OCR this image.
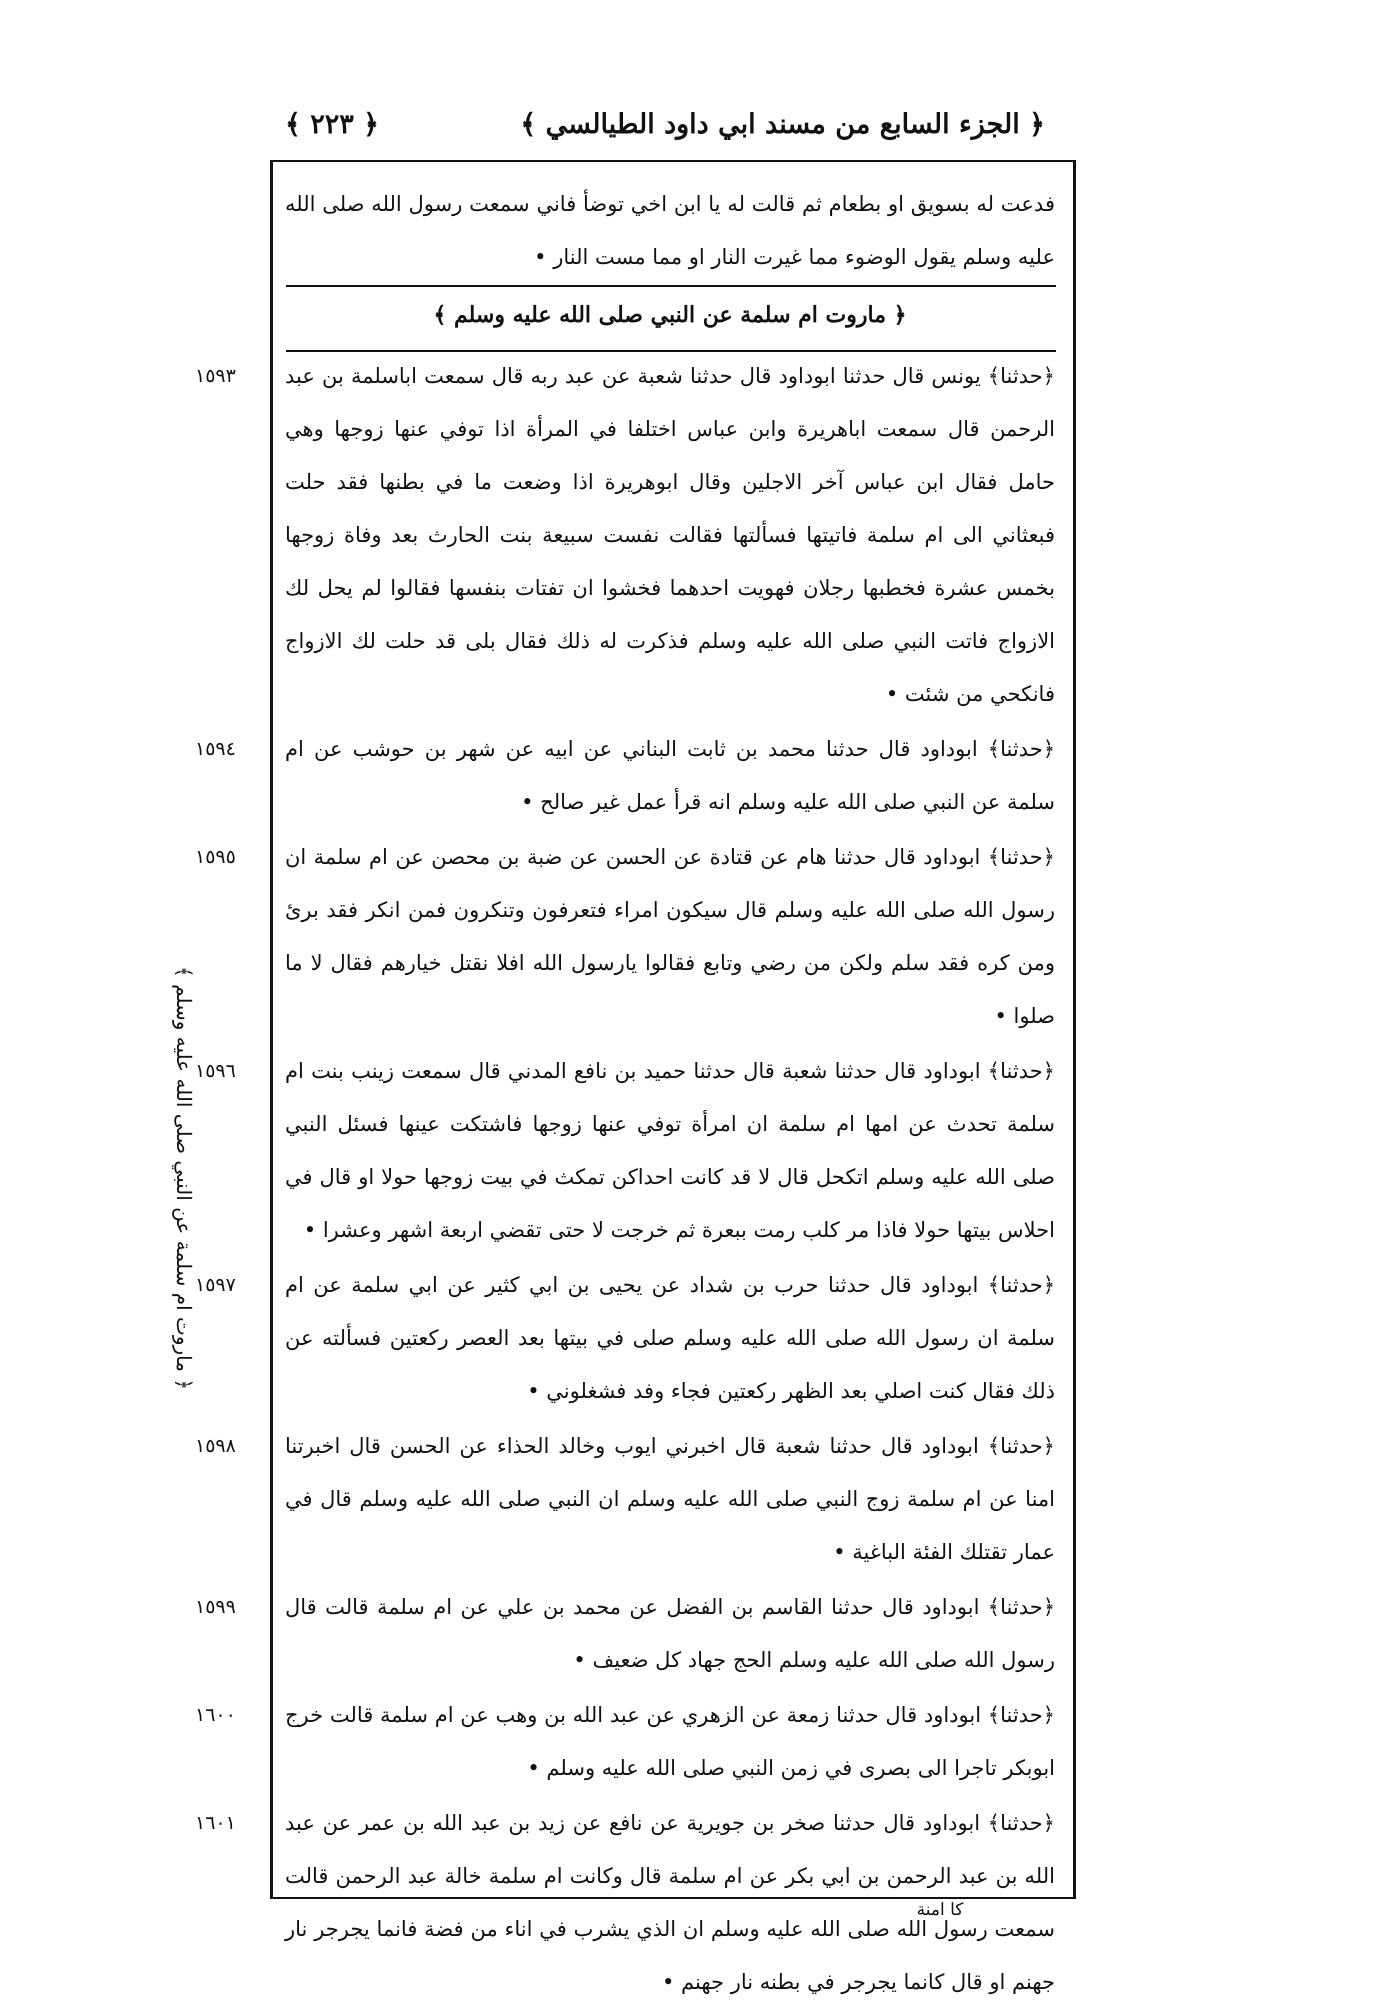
﴿ الجزء السابع من مسند ابي داود الطيالسي ﴾
﴿ ٢٢٣ ﴾
﴿ ماروت ام سلمة عن النبي صلى الله عليه وسلم ﴾
فدعت له بسويق او بطعام ثم قالت له يا ابن اخي توضأ فاني سمعت رسول الله صلى الله عليه وسلم يقول الوضوء مما غيرت النار او مما مست النار •
﴿ ماروت ام سلمة عن النبي صلى الله عليه وسلم ﴾
١٥٩٣	﴿حدثنا﴾ يونس قال حدثنا ابوداود قال حدثنا شعبة عن عبد ربه قال سمعت اباسلمة بن عبد الرحمن قال سمعت اباهريرة وابن عباس اختلفا في المرأة اذا توفي عنها زوجها وهي حامل فقال ابن عباس آخر الاجلين وقال ابوهريرة اذا وضعت ما في بطنها فقد حلت فبعثاني الى ام سلمة فاتيتها فسألتها فقالت نفست سبيعة بنت الحارث بعد وفاة زوجها بخمس عشرة فخطبها رجلان فهويت احدهما فخشوا ان تفتات بنفسها فقالوا لم يحل لك الازواج فاتت النبي صلى الله عليه وسلم فذكرت له ذلك فقال بلى قد حلت لك الازواج فانكحي من شئت •
١٥٩٤	﴿حدثنا﴾ ابوداود قال حدثنا محمد بن ثابت البناني عن ابيه عن شهر بن حوشب عن ام سلمة عن النبي صلى الله عليه وسلم انه قرأ عمل غير صالح •
١٥٩٥	﴿حدثنا﴾ ابوداود قال حدثنا هام عن قتادة عن الحسن عن ضبة بن محصن عن ام سلمة ان رسول الله صلى الله عليه وسلم قال سيكون امراء فتعرفون وتنكرون فمن انكر فقد برئ ومن كره فقد سلم ولكن من رضي وتابع فقالوا يارسول الله افلا نقتل خيارهم فقال لا ما صلوا •
١٥٩٦	﴿حدثنا﴾ ابوداود قال حدثنا شعبة قال حدثنا حميد بن نافع المدني قال سمعت زينب بنت ام سلمة تحدث عن امها ام سلمة ان امرأة توفي عنها زوجها فاشتكت عينها فسئل النبي صلى الله عليه وسلم اتكحل قال لا قد كانت احداكن تمكث في بيت زوجها حولا او قال في احلاس بيتها حولا فاذا مر كلب رمت ببعرة ثم خرجت لا حتى تقضي اربعة اشهر وعشرا •
١٥٩٧	﴿حدثنا﴾ ابوداود قال حدثنا حرب بن شداد عن يحيى بن ابي كثير عن ابي سلمة عن ام سلمة ان رسول الله صلى الله عليه وسلم صلى في بيتها بعد العصر ركعتين فسألته عن ذلك فقال كنت اصلي بعد الظهر ركعتين فجاء وفد فشغلوني •
١٥٩٨	﴿حدثنا﴾ ابوداود قال حدثنا شعبة قال اخبرني ايوب وخالد الحذاء عن الحسن قال اخبرتنا امنا عن ام سلمة زوج النبي صلى الله عليه وسلم ان النبي صلى الله عليه وسلم قال في عمار تقتلك الفئة الباغية •
١٥٩٩	﴿حدثنا﴾ ابوداود قال حدثنا القاسم بن الفضل عن محمد بن علي عن ام سلمة قالت قال رسول الله صلى الله عليه وسلم الحج جهاد كل ضعيف •
١٦٠٠	﴿حدثنا﴾ ابوداود قال حدثنا زمعة عن الزهري عن عبد الله بن وهب عن ام سلمة قالت خرج ابوبكر تاجرا الى بصرى في زمن النبي صلى الله عليه وسلم •
١٦٠١	﴿حدثنا﴾ ابوداود قال حدثنا صخر بن جويرية عن نافع عن زيد بن عبد الله بن عمر عن عبد الله بن عبد الرحمن بن ابي بكر عن ام سلمة قال وكانت ام سلمة خالة عبد الرحمن قالت سمعت رسول الله صلى الله عليه وسلم ان الذي يشرب في اناء من فضة فانما يجرجر نار جهنم او قال كانما يجرجر في بطنه نار جهنم •
ﻛﺎ اﻣﻨﺔ
